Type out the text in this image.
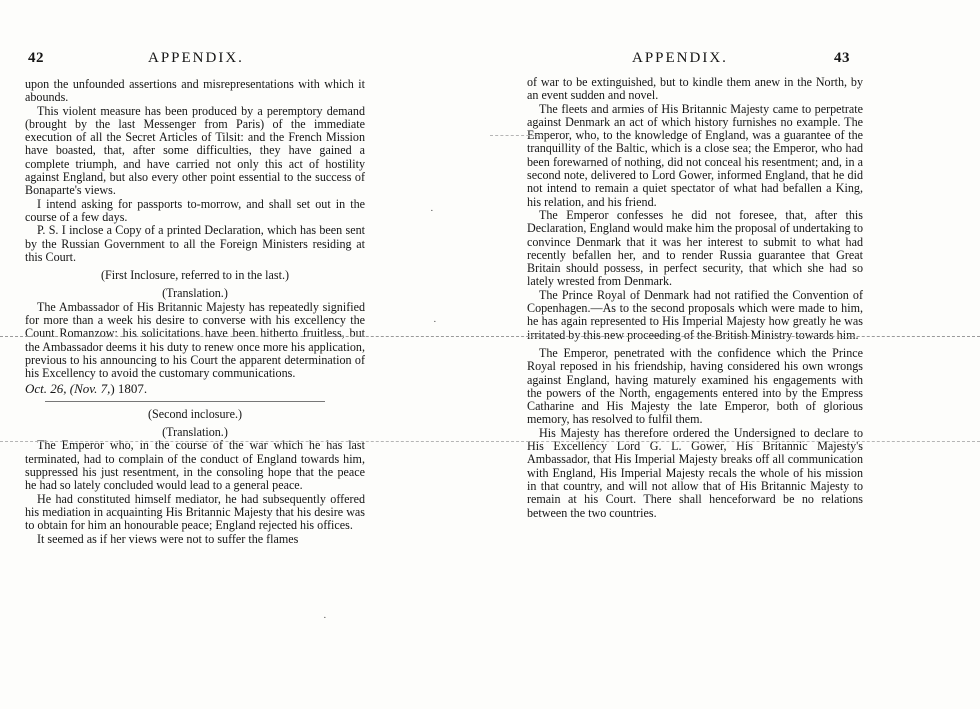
42	APPENDIX.

upon the unfounded assertions and misrepresentations with which it abounds.

This violent measure has been produced by a peremptory demand (brought by the last Messenger from Paris) of the immediate execution of all the Secret Articles of Tilsit: and the French Mission have boasted, that, after some difficulties, they have gained a complete triumph, and have carried not only this act of hostility against England, but also every other point essential to the success of Bonaparte's views.

I intend asking for passports to-morrow, and shall set out in the course of a few days.

P. S. I inclose a Copy of a printed Declaration, which has been sent by the Russian Government to all the Foreign Ministers residing at this Court.

(First Inclosure, referred to in the last.)

(Translation.)

The Ambassador of His Britannic Majesty has repeatedly signified for more than a week his desire to converse with his excellency the Count Romanzow: his solicitations have been hitherto fruitless, but the Ambassador deems it his duty to renew once more his application, previous to his announcing to his Court the apparent determination of his Excellency to avoid the customary communications.

Oct. 26, (Nov. 7,) 1807.

(Second inclosure.)

(Translation.)

The Emperor who, in the course of the war which he has last terminated, had to complain of the conduct of England towards him, suppressed his just resentment, in the consoling hope that the peace he had so lately concluded would lead to a general peace.

He had constituted himself mediator, he had subsequently offered his mediation in acquainting His Britannic Majesty that his desire was to obtain for him an honourable peace; England rejected his offices.

It seemed as if her views were not to suffer the flames

APPENDIX.	43

of war to be extinguished, but to kindle them anew in the North, by an event sudden and novel.

The fleets and armies of His Britannic Majesty came to perpetrate against Denmark an act of which history furnishes no example. The Emperor, who, to the knowledge of England, was a guarantee of the tranquillity of the Baltic, which is a close sea; the Emperor, who had been forewarned of nothing, did not conceal his resentment; and, in a second note, delivered to Lord Gower, informed England, that he did not intend to remain a quiet spectator of what had befallen a King, his relation, and his friend.

The Emperor confesses he did not foresee, that, after this Declaration, England would make him the proposal of undertaking to convince Denmark that it was her interest to submit to what had recently befallen her, and to render Russia guarantee that Great Britain should possess, in perfect security, that which she had so lately wrested from Denmark.

The Prince Royal of Denmark had not ratified the Convention of Copenhagen.—As to the second proposals which were made to him, he has again represented to His Imperial Majesty how greatly he was irritated by this new proceeding of the British Ministry towards him.

The Emperor, penetrated with the confidence which the Prince Royal reposed in his friendship, having considered his own wrongs against England, having maturely examined his engagements with the powers of the North, engagements entered into by the Empress Catharine and His Majesty the late Emperor, both of glorious memory, has resolved to fulfil them.

His Majesty has therefore ordered the Undersigned to declare to His Excellency Lord G. L. Gower, His Britannic Majesty's Ambassador, that His Imperial Majesty breaks off all communication with England, His Imperial Majesty recals the whole of his mission in that country, and will not allow that of His Britannic Majesty to remain at his Court. There shall henceforward be no relations between the two countries.

·
·
·
